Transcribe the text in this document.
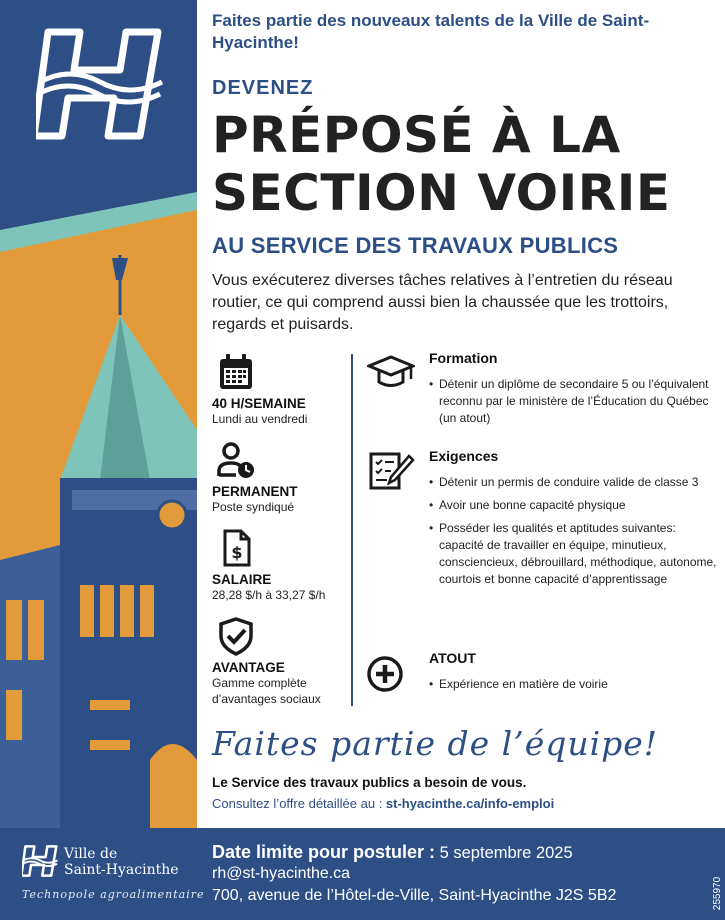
Faites partie des nouveaux talents de la Ville de Saint-Hyacinthe!
DEVENEZ
PRÉPOSÉ À LA
SECTION VOIRIE
AU SERVICE DES TRAVAUX PUBLICS
Vous exécuterez diverses tâches relatives à l’entretien du réseau routier, ce qui comprend aussi bien la chaussée que les trottoirs, regards et puisards.
40 H/SEMAINE
Lundi au vendredi
PERMANENT
Poste syndiqué
$
SALAIRE
28,28 $/h à 33,27 $/h
AVANTAGE
Gamme complète d’avantages sociaux
Formation
• Détenir un diplôme de secondaire 5 ou l’équivalent reconnu par le ministère de l’Éducation du Québec (un atout)
Exigences
• Détenir un permis de conduire valide de classe 3
• Avoir une bonne capacité physique
• Posséder les qualités et aptitudes suivantes: capacité de travailler en équipe, minutieux, consciencieux, débrouillard, méthodique, autonome, courtois et bonne capacité d’apprentissage
ATOUT
• Expérience en matière de voirie
Faites partie de l’équipe!
Le Service des travaux publics a besoin de vous.
Consultez l’offre détaillée au : st-hyacinthe.ca/info-emploi
Ville de
Saint-Hyacinthe
Technopole agroalimentaire
Date limite pour postuler : 5 septembre 2025
rh@st-hyacinthe.ca
700, avenue de l’Hôtel-de-Ville, Saint-Hyacinthe J2S 5B2	255970
